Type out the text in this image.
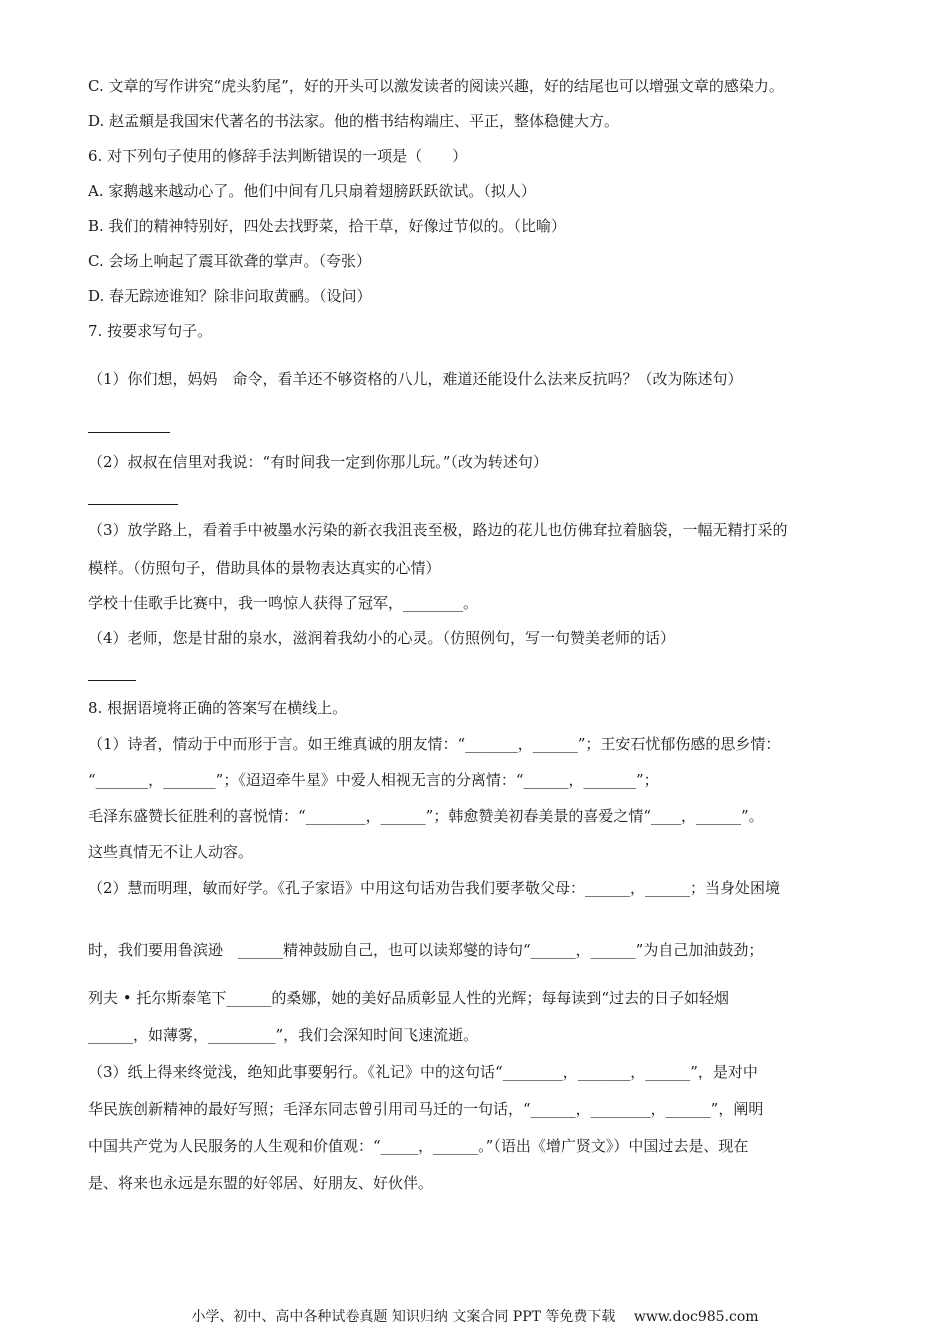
C. 文章的写作讲究“虎头豹尾”，好的开头可以激发读者的阅读兴趣，好的结尾也可以增强文章的感染力。
D. 赵孟頫是我国宋代著名的书法家。他的楷书结构端庄、平正，整体稳健大方。
6. 对下列句子使用的修辞手法判断错误的一项是（　　）
A. 家鹅越来越动心了。他们中间有几只扇着翅膀跃跃欲试。（拟人）
B. 我们的精神特别好，四处去找野菜，拾干草，好像过节似的。（比喻）
C. 会场上响起了震耳欲聋的掌声。（夸张）
D. 春无踪迹谁知？除非问取黄鹂。（设问）
7. 按要求写句子。
（1）你们想，妈妈　命令，看羊还不够资格的八儿，难道还能设什么法来反抗吗？（改为陈述句）
（2）叔叔在信里对我说：“有时间我一定到你那儿玩。”（改为转述句）
（3）放学路上，看着手中被墨水污染的新衣我沮丧至极，路边的花儿也仿佛耷拉着脑袋，一幅无精打采的
模样。（仿照句子，借助具体的景物表达真实的心情）
学校十佳歌手比赛中，我一鸣惊人获得了冠军，________。
（4）老师，您是甘甜的泉水，滋润着我幼小的心灵。（仿照例句，写一句赞美老师的话）
8. 根据语境将正确的答案写在横线上。
（1）诗者，情动于中而形于言。如王维真诚的朋友情：“_______，______”；王安石忧郁伤感的思乡情：
“_______，_______”；《迢迢牵牛星》中爱人相视无言的分离情：“______，_______”；
毛泽东盛赞长征胜利的喜悦情：“________，______”；韩愈赞美初春美景的喜爱之情“____，______”。
这些真情无不让人动容。
（2）慧而明理，敏而好学。《孔子家语》中用这句话劝告我们要孝敬父母：______，______；当身处困境
时，我们要用鲁滨逊　______精神鼓励自己，也可以读郑燮的诗句“______，______”为自己加油鼓劲；
列夫 • 托尔斯泰笔下______的桑娜，她的美好品质彰显人性的光辉；每每读到“过去的日子如轻烟
______，如薄雾，_________”，我们会深知时间飞速流逝。
（3）纸上得来终觉浅，绝知此事要躬行。《礼记》中的这句话“________，_______，______”，是对中
华民族创新精神的最好写照；毛泽东同志曾引用司马迁的一句话，“______，________，______”，阐明
中国共产党为人民服务的人生观和价值观：“_____，______。”（语出《增广贤文》）中国过去是、现在
是、将来也永远是东盟的好邻居、好朋友、好伙伴。
小学、初中、高中各种试卷真题 知识归纳 文案合同 PPT 等免费下载　 www.doc985.com
